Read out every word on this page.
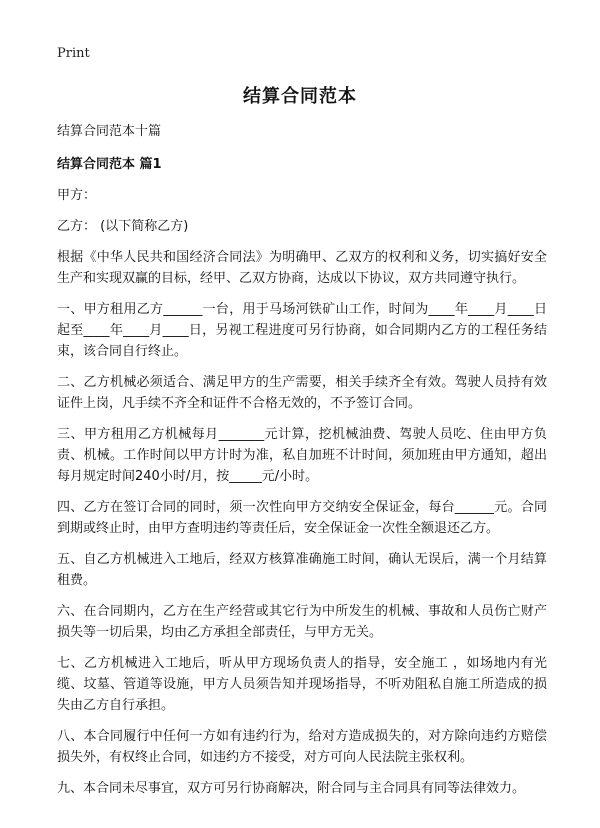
Print
结算合同范本

结算合同范本十篇

结算合同范本 篇1

甲方：

乙方： (以下简称乙方)

根据《中华人民共和国经济合同法》为明确甲、乙双方的权利和义务，切实搞好安全生产和实现双赢的目标，经甲、乙双方协商，达成以下协议，双方共同遵守执行。

一、甲方租用乙方______一台，用于马场河铁矿山工作，时间为____年____月____日起至____年____月____日，另视工程进度可另行协商，如合同期内乙方的工程任务结束，该合同自行终止。

二、乙方机械必须适合、满足甲方的生产需要，相关手续齐全有效。驾驶人员持有效证件上岗，凡手续不齐全和证件不合格无效的，不予签订合同。

三、甲方租用乙方机械每月_______元计算，挖机械油费、驾驶人员吃、住由甲方负责、机械。工作时间以甲方计时为准，私自加班不计时间，须加班由甲方通知，超出每月规定时间240小时/月，按_____元/小时。

四、乙方在签订合同的同时，须一次性向甲方交纳安全保证金，每台______元。合同到期或终止时，由甲方查明违约等责任后，安全保证金一次性全额退还乙方。

五、自乙方机械进入工地后，经双方核算准确施工时间，确认无误后，满一个月结算租费。

六、在合同期内，乙方在生产经营或其它行为中所发生的机械、事故和人员伤亡财产损失等一切后果，均由乙方承担全部责任，与甲方无关。

七、乙方机械进入工地后，听从甲方现场负责人的指导，安全施工 ，如场地内有光缆、坟墓、管道等设施，甲方人员须告知并现场指导，不听劝阻私自施工所造成的损失由乙方自行承担。

八、本合同履行中任何一方如有违约行为，给对方造成损失的，对方除向违约方赔偿损失外，有权终止合同，如违约方不接受，对方可向人民法院主张权利。

九、本合同未尽事宜，双方可另行协商解决，附合同与主合同具有同等法律效力。
